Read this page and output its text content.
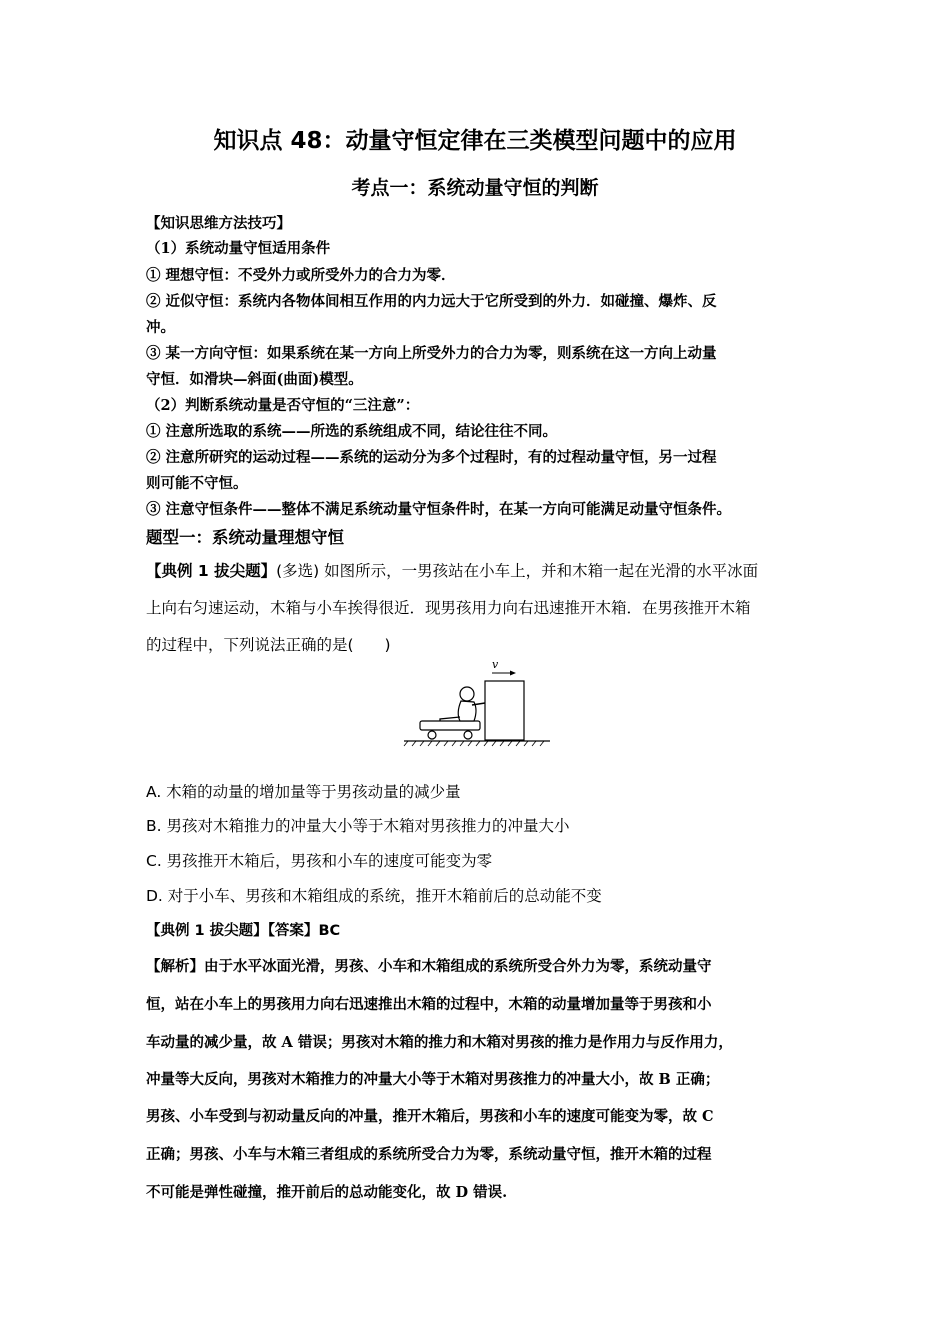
知识点 48：动量守恒定律在三类模型问题中的应用
考点一：系统动量守恒的判断
【知识思维方法技巧】
（1）系统动量守恒适用条件
① 理想守恒：不受外力或所受外力的合力为零．
② 近似守恒：系统内各物体间相互作用的内力远大于它所受到的外力．如碰撞、爆炸、反
冲。
③ 某一方向守恒：如果系统在某一方向上所受外力的合力为零，则系统在这一方向上动量
守恒．如滑块—斜面(曲面)模型。
（2）判断系统动量是否守恒的“三注意”：
① 注意所选取的系统——所选的系统组成不同，结论往往不同。
② 注意所研究的运动过程——系统的运动分为多个过程时，有的过程动量守恒，另一过程
则可能不守恒。
③ 注意守恒条件——整体不满足系统动量守恒条件时，在某一方向可能满足动量守恒条件。
题型一：系统动量理想守恒
【典例 1 拔尖题】(多选) 如图所示，一男孩站在小车上，并和木箱一起在光滑的水平冰面
上向右匀速运动，木箱与小车挨得很近．现男孩用力向右迅速推开木箱．在男孩推开木箱
的过程中，下列说法正确的是(　　)
v
A. 木箱的动量的增加量等于男孩动量的减少量
B. 男孩对木箱推力的冲量大小等于木箱对男孩推力的冲量大小
C. 男孩推开木箱后，男孩和小车的速度可能变为零
D. 对于小车、男孩和木箱组成的系统，推开木箱前后的总动能不变
【典例 1 拔尖题】【答案】BC
【解析】由于水平冰面光滑，男孩、小车和木箱组成的系统所受合外力为零，系统动量守
恒，站在小车上的男孩用力向右迅速推出木箱的过程中，木箱的动量增加量等于男孩和小
车动量的减少量，故 A 错误；男孩对木箱的推力和木箱对男孩的推力是作用力与反作用力，
冲量等大反向，男孩对木箱推力的冲量大小等于木箱对男孩推力的冲量大小，故 B 正确；
男孩、小车受到与初动量反向的冲量，推开木箱后，男孩和小车的速度可能变为零，故 C
正确；男孩、小车与木箱三者组成的系统所受合力为零，系统动量守恒，推开木箱的过程
不可能是弹性碰撞，推开前后的总动能变化，故 D 错误.
